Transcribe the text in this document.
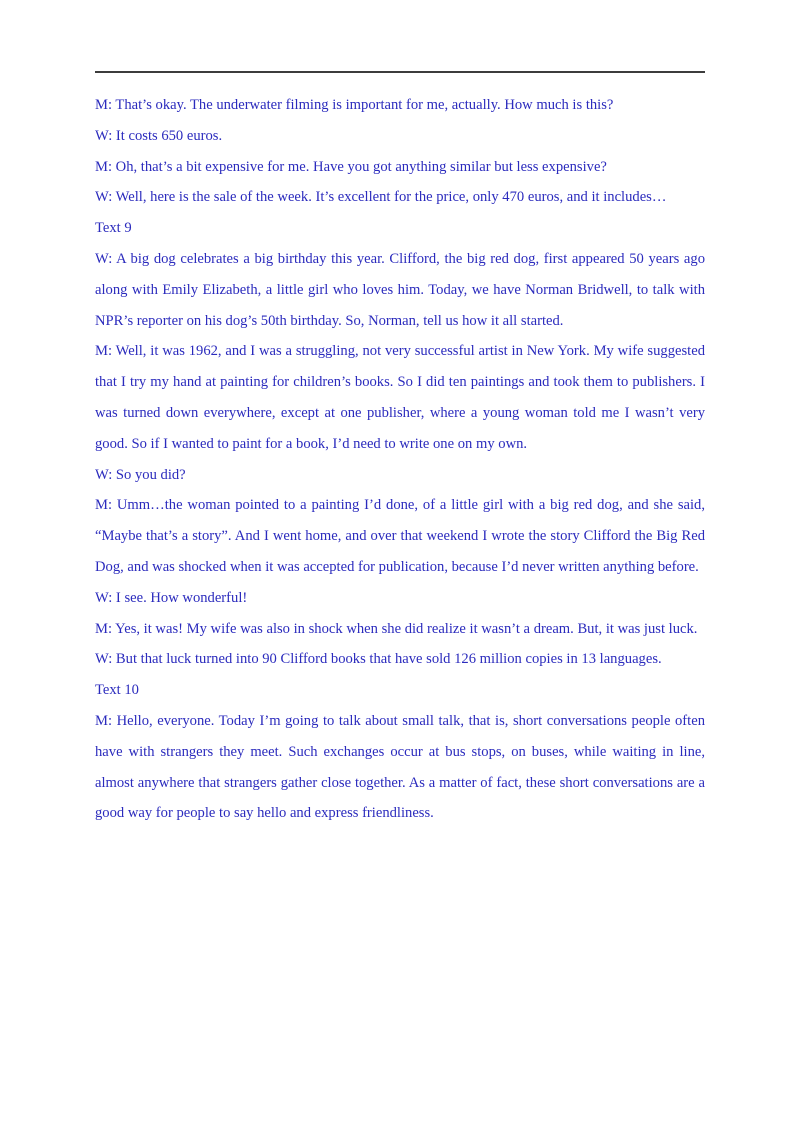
M: That’s okay. The underwater filming is important for me, actually. How much is this?

W: It costs 650 euros.

M: Oh, that’s a bit expensive for me. Have you got anything similar but less expensive?

W: Well, here is the sale of the week. It’s excellent for the price, only 470 euros, and it includes…

Text 9

W: A big dog celebrates a big birthday this year. Clifford, the big red dog, first appeared 50 years ago along with Emily Elizabeth, a little girl who loves him. Today, we have Norman Bridwell, to talk with NPR’s reporter on his dog’s 50th birthday. So, Norman, tell us how it all started.

M: Well, it was 1962, and I was a struggling, not very successful artist in New York. My wife suggested that I try my hand at painting for children’s books. So I did ten paintings and took them to publishers. I was turned down everywhere, except at one publisher, where a young woman told me I wasn’t very good. So if I wanted to paint for a book, I’d need to write one on my own.

W: So you did?

M: Umm…the woman pointed to a painting I’d done, of a little girl with a big red dog, and she said, “Maybe that’s a story”. And I went home, and over that weekend I wrote the story Clifford the Big Red Dog, and was shocked when it was accepted for publication, because I’d never written anything before.

W: I see. How wonderful!

M: Yes, it was! My wife was also in shock when she did realize it wasn’t a dream. But, it was just luck.

W: But that luck turned into 90 Clifford books that have sold 126 million copies in 13 languages.

Text 10

M: Hello, everyone. Today I’m going to talk about small talk, that is, short conversations people often have with strangers they meet. Such exchanges occur at bus stops, on buses, while waiting in line, almost anywhere that strangers gather close together. As a matter of fact, these short conversations are a good way for people to say hello and express friendliness.
